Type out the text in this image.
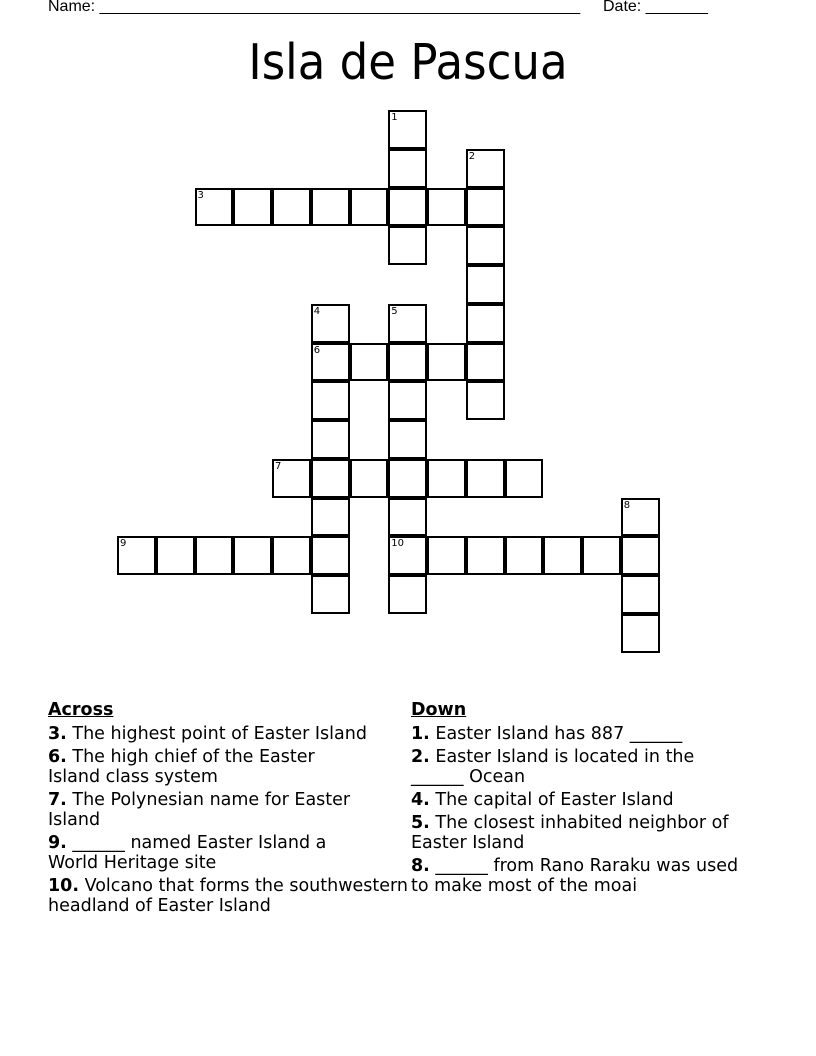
Name: ______________________________________________________ Date: _______
Isla de Pascua
1
2
3
4
6
5
10
7
8
9
Across
3. The highest point of Easter Island
6. The high chief of the Easter Island class system
7. The Polynesian name for Easter Island
9. ______ named Easter Island a World Heritage site
10. Volcano that forms the southwestern headland of Easter Island
Down
1. Easter Island has 887 ______
2. Easter Island is located in the ______ Ocean
4. The capital of Easter Island
5. The closest inhabited neighbor of Easter Island
8. ______ from Rano Raraku was used to make most of the moai
